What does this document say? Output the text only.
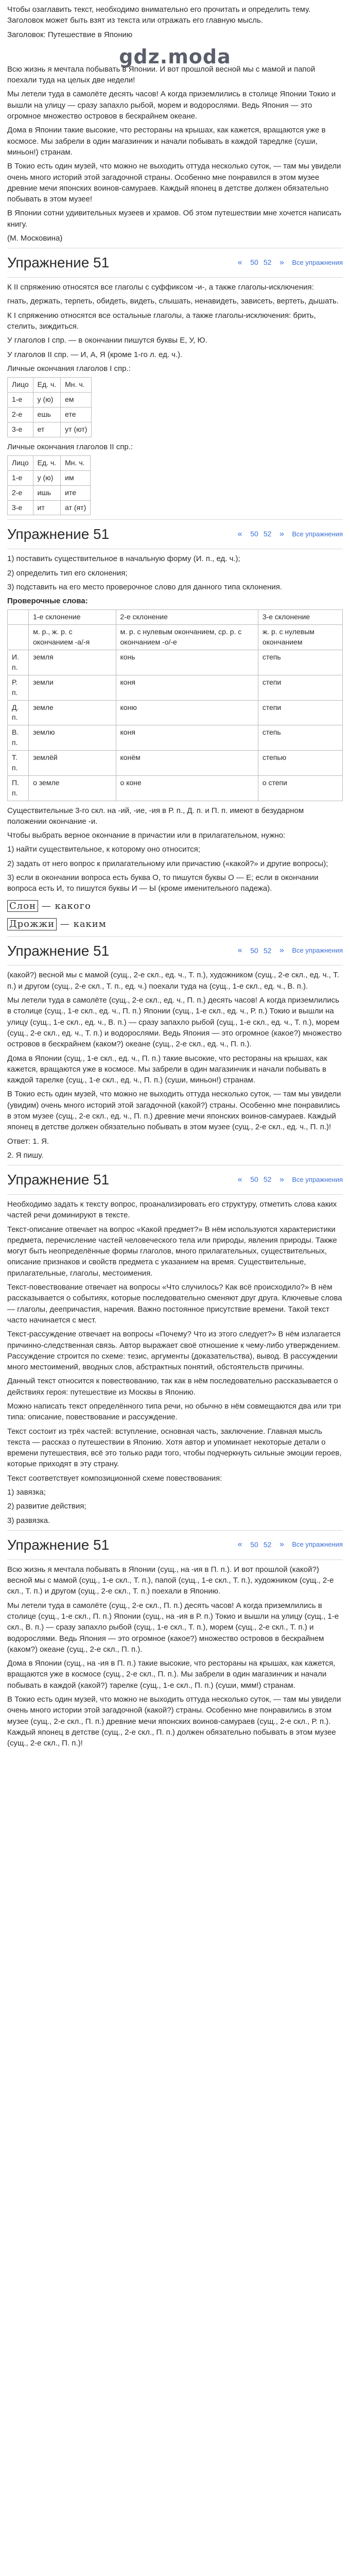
Чтобы озаглавить текст, необходимо внимательно его прочитать и определить тему. Заголовок может быть взят из текста или отражать его главную мысль.

Заголовок: Путешествие в Японию

gdz.moda

Всю жизнь я мечтала побывать в Японии. И вот прошлой весной мы с мамой и папой поехали туда на целых две недели!

Мы летели туда в самолёте десять часов! А когда приземлились в столице Японии Токио и вышли на улицу — сразу запахло рыбой, морем и водорослями. Ведь Япония — это огромное множество островов в бескрайнем океане.

Дома в Японии такие высокие, что рестораны на крышах, как кажется, вращаются уже в космосе. Мы забрели в один магазинчик и начали побывать в каждой таредлке (суши, миньон!) странам.

В Токио есть один музей, что можно не выходить оттуда несколько суток, — там мы увидели очень много историй этой загадочной страны. Особенно мне понравился в этом музее древние мечи японских воинов-самураев. Каждый японец в детстве должен обязательно побывать в этом музее!

В Японии сотни удивительных музеев и храмов. Об этом путешествии мне хочется написать книгу.

(М. Московина)

Упражнение 51	«	50 52 »	Все упражнения

К II спряжению относятся все глаголы с суффиксом -и-, а также глаголы-исключения:

гнать, держать, терпеть, обидеть, видеть, слышать, ненавидеть, зависеть, вертеть, дышать.

К I спряжению относятся все остальные глаголы, а также глаголы-исключения: брить, стелить, зиждиться.

У глаголов I спр. — в окончании пишутся буквы Е, У, Ю.

У глаголов II спр. — И, А, Я (кроме 1-го л. ед. ч.).

Личные окончания глаголов I спр.:

Лицо	Ед. ч.	Мн. ч.
1-е	у (ю)	ем
2-е	ешь	ете
3-е	ет	ут (ют)

Личные окончания глаголов II спр.:

Лицо	Ед. ч.	Мн. ч.
1-е	у (ю)	им
2-е	ишь	ите
3-е	ит	ат (ят)
Упражнение 51	«	50 52 »	Все упражнения

1) поставить существительное в начальную форму (И. п., ед. ч.);

2) определить тип его склонения;

3) подставить на его место проверочное слово для данного типа склонения.

Проверочные слова:

	1-е склонение	2-е склонение	3-е склонение
	м. р., ж. р. с окончанием -а/-я	м. р. с нулевым окончанием, ср. р. с окончанием -о/-е	ж. р. с нулевым окончанием
И. п.	земля	конь	степь
Р. п.	земли	коня	степи
Д. п.	земле	коню	степи
В. п.	землю	коня	степь
Т. п.	землёй	конём	степью
П. п.	о земле	о коне	о степи

Существительные 3-го скл. на -ий, -ие, -ия в Р. п., Д. п. и П. п. имеют в безударном положении окончание -и.

Чтобы выбрать верное окончание в причастии или в прилагательном, нужно:

1) найти существительное, к которому оно относится;

2) задать от него вопрос к прилагательному или причастию («какой?» и другие вопросы);

3) если в окончании вопроса есть буква О, то пишутся буквы О — Е; если в окончании вопроса есть И, то пишутся буквы И — Ы (кроме именительного падежа).

Слон — какого
Дрожжи — каким
Упражнение 51	«	50 52 »	Все упражнения

(какой?) весной мы с мамой (сущ., 2-е скл., ед. ч., Т. п.), художником (сущ., 2-е скл., ед. ч., Т. п.) и другом (сущ., 2-е скл., Т. п., ед. ч.) поехали туда на (сущ., 1-е скл., ед. ч., В. п.).

Мы летели туда в самолёте (сущ., 2-е скл., ед. ч., П. п.) десять часов! А когда приземлились в столице (сущ., 1-е скл., ед. ч., П. п.) Японии (сущ., 1-е скл., ед. ч., Р. п.) Токио и вышли на улицу (сущ., 1-е скл., ед. ч., В. п.) — сразу запахло рыбой (сущ., 1-е скл., ед. ч., Т. п.), морем (сущ., 2-е скл., ед. ч., Т. п.) и водорослями. Ведь Япония — это огромное (какое?) множество островов в бескрайнем (каком?) океане (сущ., 2-е скл., ед. ч., П. п.).

Дома в Японии (сущ., 1-е скл., ед. ч., П. п.) такие высокие, что рестораны на крышах, как кажется, вращаются уже в космосе. Мы забрели в один магазинчик и начали побывать в каждой тарелке (сущ., 1-е скл., ед. ч., П. п.) (суши, миньон!) странам.

В Токио есть один музей, что можно не выходить оттуда несколько суток, — там мы увидели (увидим) очень много историй этой загадочной (какой?) страны. Особенно мне понравились в этом музее (сущ., 2-е скл., ед. ч., П. п.) древние мечи японских воинов-самураев. Каждый японец в детстве должен обязательно побывать в этом музее (сущ., 2-е скл., ед. ч., П. п.)!

Ответ: 1. Я.

2. Я пишу.

Упражнение 51	«	50 52 »	Все упражнения

Необходимо задать к тексту вопрос, проанализировать его структуру, отметить слова каких частей речи доминируют в тексте.

Текст-описание отвечает на вопрос «Какой предмет?» В нём используются характеристики предмета, перечисление частей человеческого тела или природы, явления природы. Также могут быть неопределённые формы глаголов, много прилагательных, существительных, описание признаков и свойств предмета с указанием на время. Существительные, прилагательные, глаголы, местоимения.

Текст-повествование отвечает на вопросы «Что случилось? Как всё происходило?» В нём рассказывается о событиях, которые последовательно сменяют друг друга. Ключевые слова — глаголы, деепричастия, наречия. Важно постоянное присутствие времени. Такой текст часто начинается с мест.

Текст-рассуждение отвечает на вопросы «Почему? Что из этого следует?» В нём излагается причинно-следственная связь. Автор выражает своё отношение к чему-либо утверждением. Рассуждение строится по схеме: тезис, аргументы (доказательства), вывод. В рассуждении много местоимений, вводных слов, абстрактных понятий, обстоятельств причины.

Данный текст относится к повествованию, так как в нём последовательно рассказывается о действиях героя: путешествие из Москвы в Японию.

Можно написать текст определённого типа речи, но обычно в нём совмещаются два или три типа: описание, повествование и рассуждение.

Текст состоит из трёх частей: вступление, основная часть, заключение. Главная мысль текста — рассказ о путешествии в Японию. Хотя автор и упоминает некоторые детали о времени путешествия, всё это только ради того, чтобы подчеркнуть сильные эмоции героев, которые приходят в эту страну.

Текст соответствует композиционной схеме повествования:

1) завязка;

2) развитие действия;

3) развязка.

Упражнение 51	«	50 52 »	Все упражнения

Всю жизнь я мечтала побывать в Японии (сущ., на -ия в П. п.). И вот прошлой (какой?) весной мы с мамой (сущ., 1-е скл., Т. п.), папой (сущ., 1-е скл., Т. п.), художником (сущ., 2-е скл., Т. п.) и другом (сущ., 2-е скл., Т. п.) поехали в Японию.

Мы летели туда в самолёте (сущ., 2-е скл., П. п.) десять часов! А когда приземлились в столице (сущ., 1-е скл., П. п.) Японии (сущ., на -ия в Р. п.) Токио и вышли на улицу (сущ., 1-е скл., В. п.) — сразу запахло рыбой (сущ., 1-е скл., Т. п.), морем (сущ., 2-е скл., Т. п.) и водорослями. Ведь Япония — это огромное (какое?) множество островов в бескрайнем (каком?) океане (сущ., 2-е скл., П. п.).

Дома в Японии (сущ., на -ия в П. п.) такие высокие, что рестораны на крышах, как кажется, вращаются уже в космосе (сущ., 2-е скл., П. п.). Мы забрели в один магазинчик и начали побывать в каждой (какой?) тарелке (сущ., 1-е скл., П. п.) (суши, ммм!) странам.

В Токио есть один музей, что можно не выходить оттуда несколько суток, — там мы увидели очень много истории этой загадочной (какой?) страны. Особенно мне понравились в этом музее (сущ., 2-е скл., П. п.) древние мечи японских воинов-самураев (сущ., 2-е скл., Р. п.). Каждый японец в детстве (сущ., 2-е скл., П. п.) должен обязательно побывать в этом музее (сущ., 2-е скл., П. п.)!
